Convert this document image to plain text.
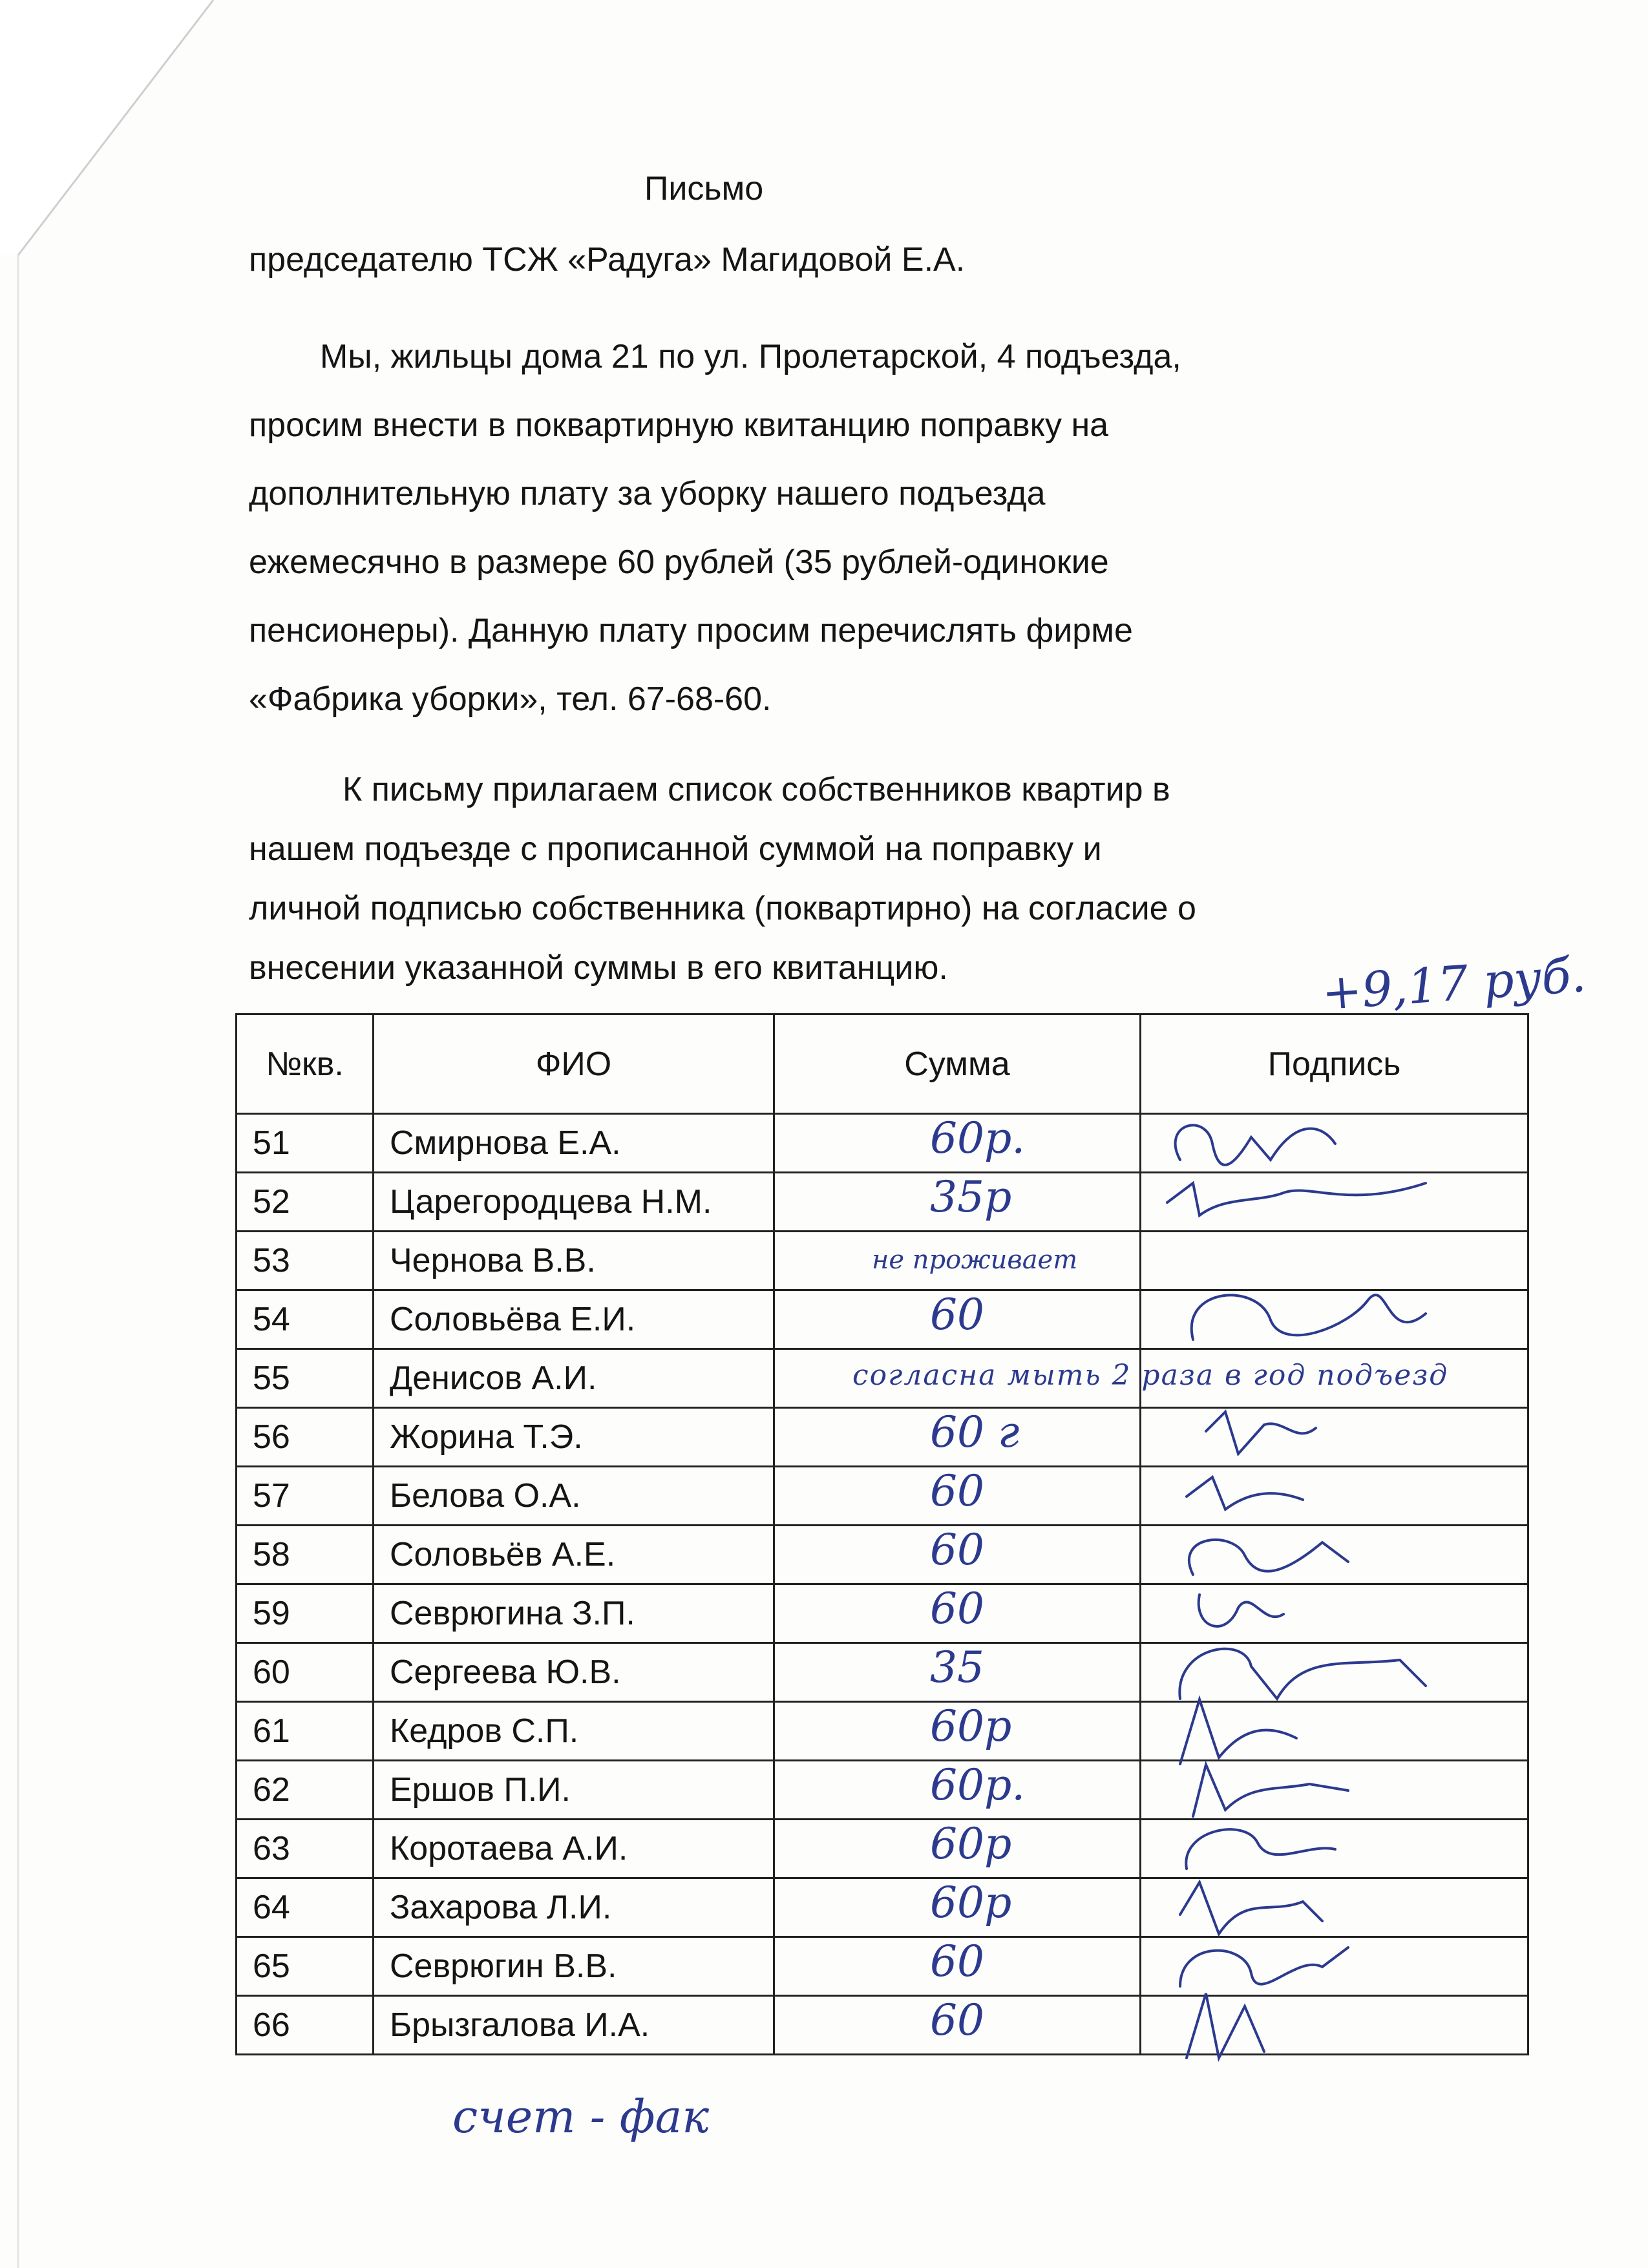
Письмо
председателю ТСЖ «Радуга» Магидовой Е.А.
Мы, жильцы дома 21 по ул. Пролетарской, 4 подъезда,
просим внести в поквартирную квитанцию поправку на
дополнительную плату за уборку нашего подъезда
ежемесячно в размере 60 рублей (35 рублей-одинокие
пенсионеры). Данную плату просим перечислять фирме
«Фабрика уборки», тел. 67-68-60.
К письму прилагаем список собственников квартир в
нашем подъезде с прописанной суммой на поправку и
личной подписью собственника (поквартирно) на согласие о
внесении указанной суммы в его квитанцию.	+9,17 руб.
№кв.	ФИО	Сумма	Подпись
51	Смирнова Е.А.	60р.

52	Царегородцева Н.М.	35р

53	Чернова В.В.	не проживает	

54	Соловьёва Е.И.	60

55	Денисов А.И.	согласна мыть 2 раза в год подъезд	

56	Жорина Т.Э.	60 г

57	Белова О.А.	60

58	Соловьёв А.Е.	60

59	Севрюгина З.П.	60

60	Сергеева Ю.В.	35

61	Кедров С.П.	60р

62	Ершов П.И.	60р.

63	Коротаева А.И.	60р

64	Захарова Л.И.	60р

65	Севрюгин В.В.	60

66	Брызгалова И.А.	60

счет - фак
